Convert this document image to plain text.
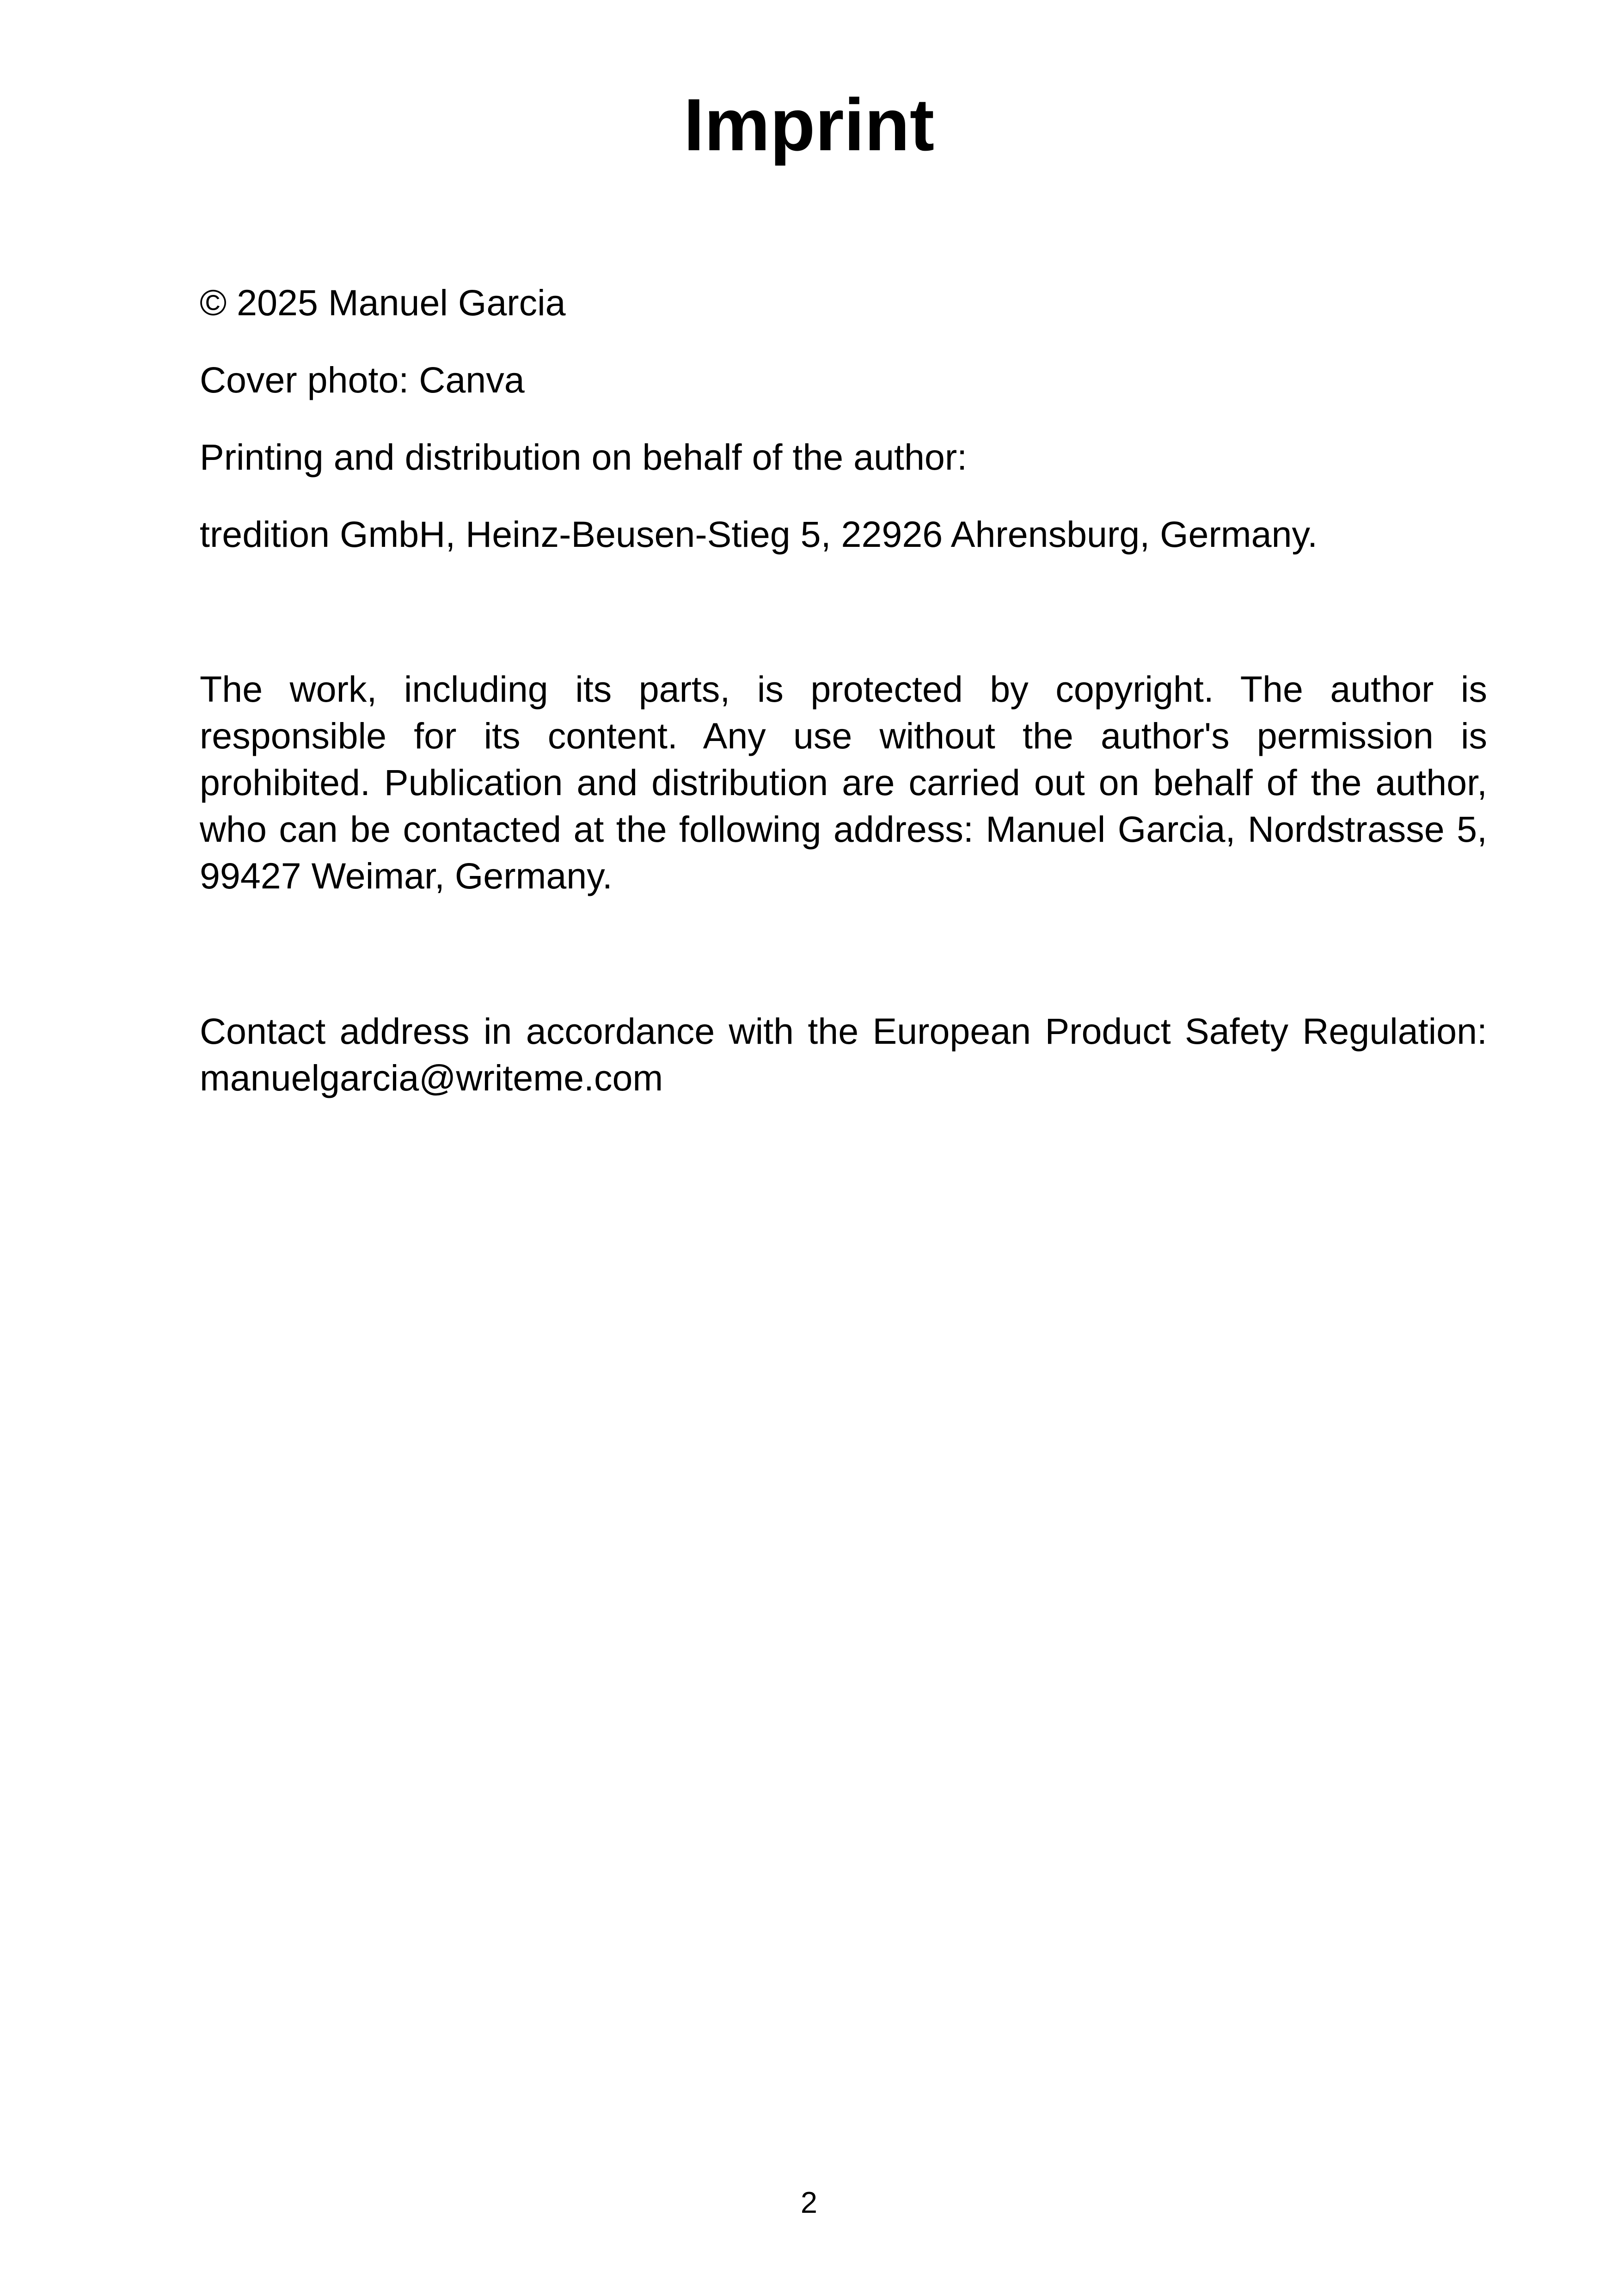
Imprint

© 2025 Manuel Garcia

Cover photo: Canva

Printing and distribution on behalf of the author:

tredition GmbH, Heinz-Beusen-Stieg 5, 22926 Ahrensburg, Germany.

The work, including its parts, is protected by copyright. The author is responsible for its content. Any use without the author's permission is prohibited. Publication and distribution are carried out on behalf of the author, who can be contacted at the following address: Manuel Garcia, Nordstrasse 5, 99427 Weimar, Germany.

Contact address in accordance with the European Product Safety Regulation: manuelgarcia@writeme.com

2
